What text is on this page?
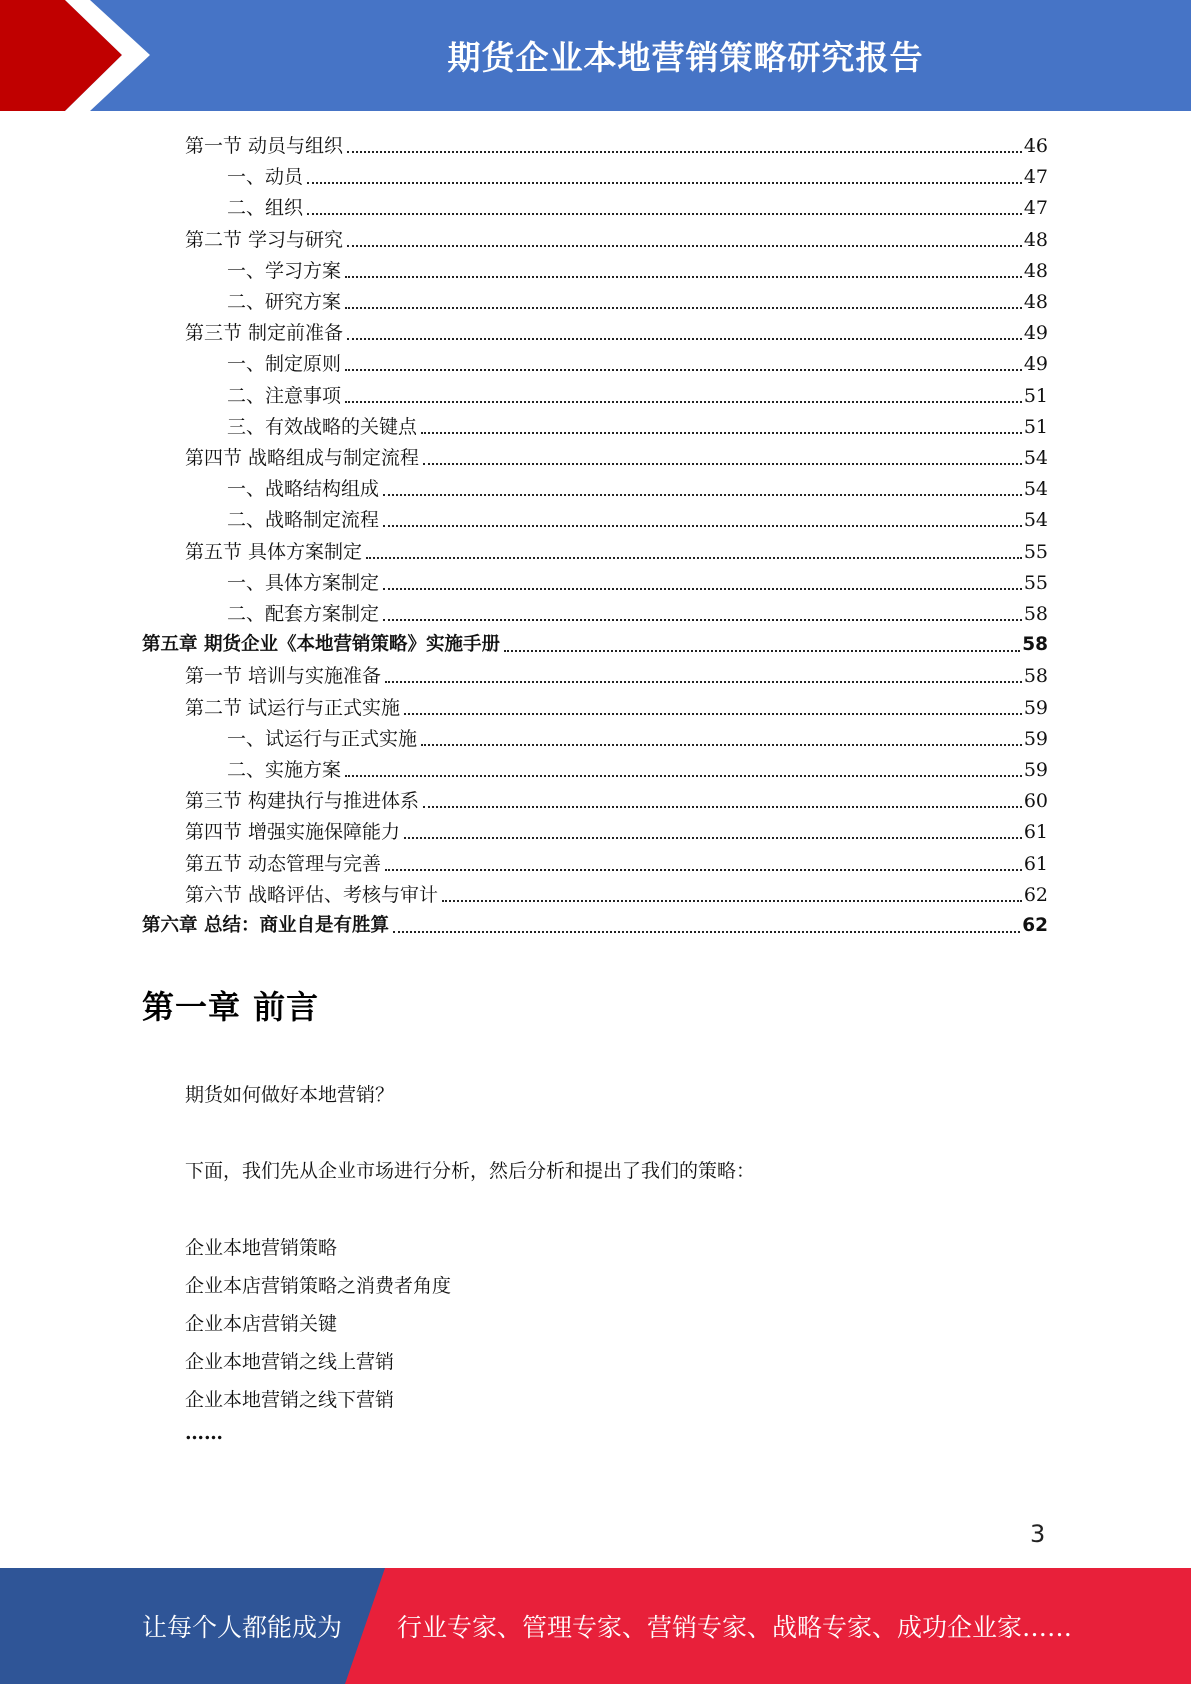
期货企业本地营销策略研究报告
第一节 动员与组织	46
一、动员	47
二、组织	47
第二节 学习与研究	48
一、学习方案	48
二、研究方案	48
第三节 制定前准备	49
一、制定原则	49
二、注意事项	51
三、有效战略的关键点	51
第四节 战略组成与制定流程	54
一、战略结构组成	54
二、战略制定流程	54
第五节 具体方案制定	55
一、具体方案制定	55
二、配套方案制定	58
第五章 期货企业《本地营销策略》实施手册	58
第一节 培训与实施准备	58
第二节 试运行与正式实施	59
一、试运行与正式实施	59
二、实施方案	59
第三节 构建执行与推进体系	60
第四节 增强实施保障能力	61
第五节 动态管理与完善	61
第六节 战略评估、考核与审计	62
第六章 总结：商业自是有胜算	62
第一章 前言
期货如何做好本地营销？
下面，我们先从企业市场进行分析，然后分析和提出了我们的策略：
企业本地营销策略
企业本店营销策略之消费者角度
企业本店营销关键
企业本地营销之线上营销
企业本地营销之线下营销
……
3
让每个人都能成为 行业专家、管理专家、营销专家、战略专家、成功企业家……
